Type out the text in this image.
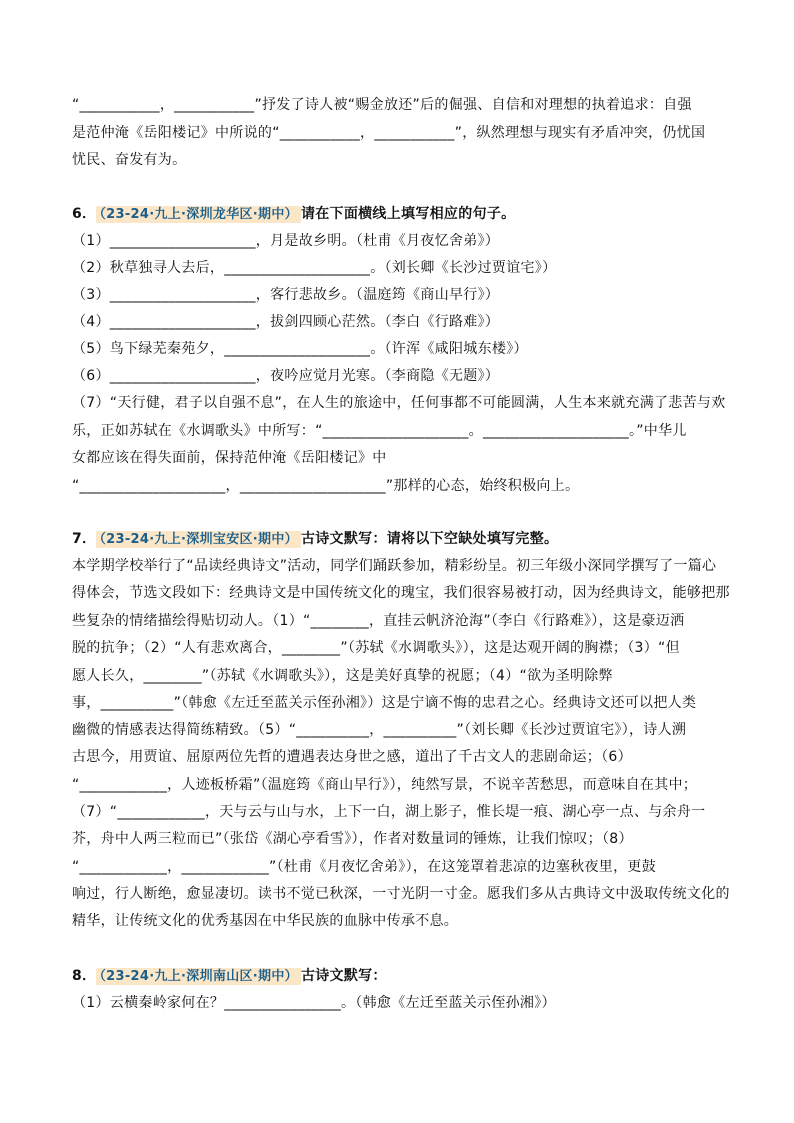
“___________，___________”抒发了诗人被“赐金放还”后的倔强、自信和对理想的执着追求：自强
是范仲淹《岳阳楼记》中所说的“___________，___________”，纵然理想与现实有矛盾冲突，仍忧国
忧民、奋发有为。
6． （23-24·九上·深圳龙华区·期中） 请在下面横线上填写相应的句子。
（1）____________________，月是故乡明。（杜甫《月夜忆舍弟》）
（2）秋草独寻人去后，____________________。（刘长卿《长沙过贾谊宅》）
（3）____________________，客行悲故乡。（温庭筠《商山早行》）
（4）____________________，拔剑四顾心茫然。（李白《行路难》）
（5）鸟下绿芜秦苑夕，____________________。（许浑《咸阳城东楼》）
（6）____________________，夜吟应觉月光寒。（李商隐《无题》）
（7）“天行健，君子以自强不息”，在人生的旅途中，任何事都不可能圆满，人生本来就充满了悲苦与欢
乐，正如苏轼在《水调歌头》中所写：“____________________。____________________。”中华儿
女都应该在得失面前，保持范仲淹《岳阳楼记》中
“____________________，____________________”那样的心态，始终积极向上。
7． （23-24·九上·深圳宝安区·期中） 古诗文默写：请将以下空缺处填写完整。
本学期学校举行了“品读经典诗文”活动，同学们踊跃参加，精彩纷呈。初三年级小深同学撰写了一篇心
得体会，节选文段如下：经典诗文是中国传统文化的瑰宝，我们很容易被打动，因为经典诗文，能够把那
些复杂的情绪描绘得贴切动人。（1）“________，直挂云帆济沧海”（李白《行路难》），这是豪迈洒
脱的抗争；（2）“人有悲欢离合，________”（苏轼《水调歌头》），这是达观开阔的胸襟；（3）“但
愿人长久，________”（苏轼《水调歌头》），这是美好真挚的祝愿；（4）“欲为圣明除弊
事，__________”（韩愈《左迁至蓝关示侄孙湘》）这是宁谪不悔的忠君之心。经典诗文还可以把人类
幽微的情感表达得简练精致。（5）“__________，__________”（刘长卿《长沙过贾谊宅》），诗人溯
古思今，用贾谊、屈原两位先哲的遭遇表达身世之感，道出了千古文人的悲剧命运；（6）
“____________，人迹板桥霜”（温庭筠《商山早行》），纯然写景，不说辛苦愁思，而意味自在其中；
（7）“____________，天与云与山与水，上下一白，湖上影子，惟长堤一痕、湖心亭一点、与余舟一
芥，舟中人两三粒而已”（张岱《湖心亭看雪》），作者对数量词的锤炼，让我们惊叹；（8）
“____________，____________”（杜甫《月夜忆舍弟》），在这笼罩着悲凉的边塞秋夜里，更鼓
响过，行人断绝，愈显凄切。读书不觉已秋深，一寸光阴一寸金。愿我们多从古典诗文中汲取传统文化的
精华，让传统文化的优秀基因在中华民族的血脉中传承不息。
8． （23-24·九上·深圳南山区·期中） 古诗文默写：
（1）云横秦岭家何在？________________。（韩愈《左迁至蓝关示侄孙湘》）
